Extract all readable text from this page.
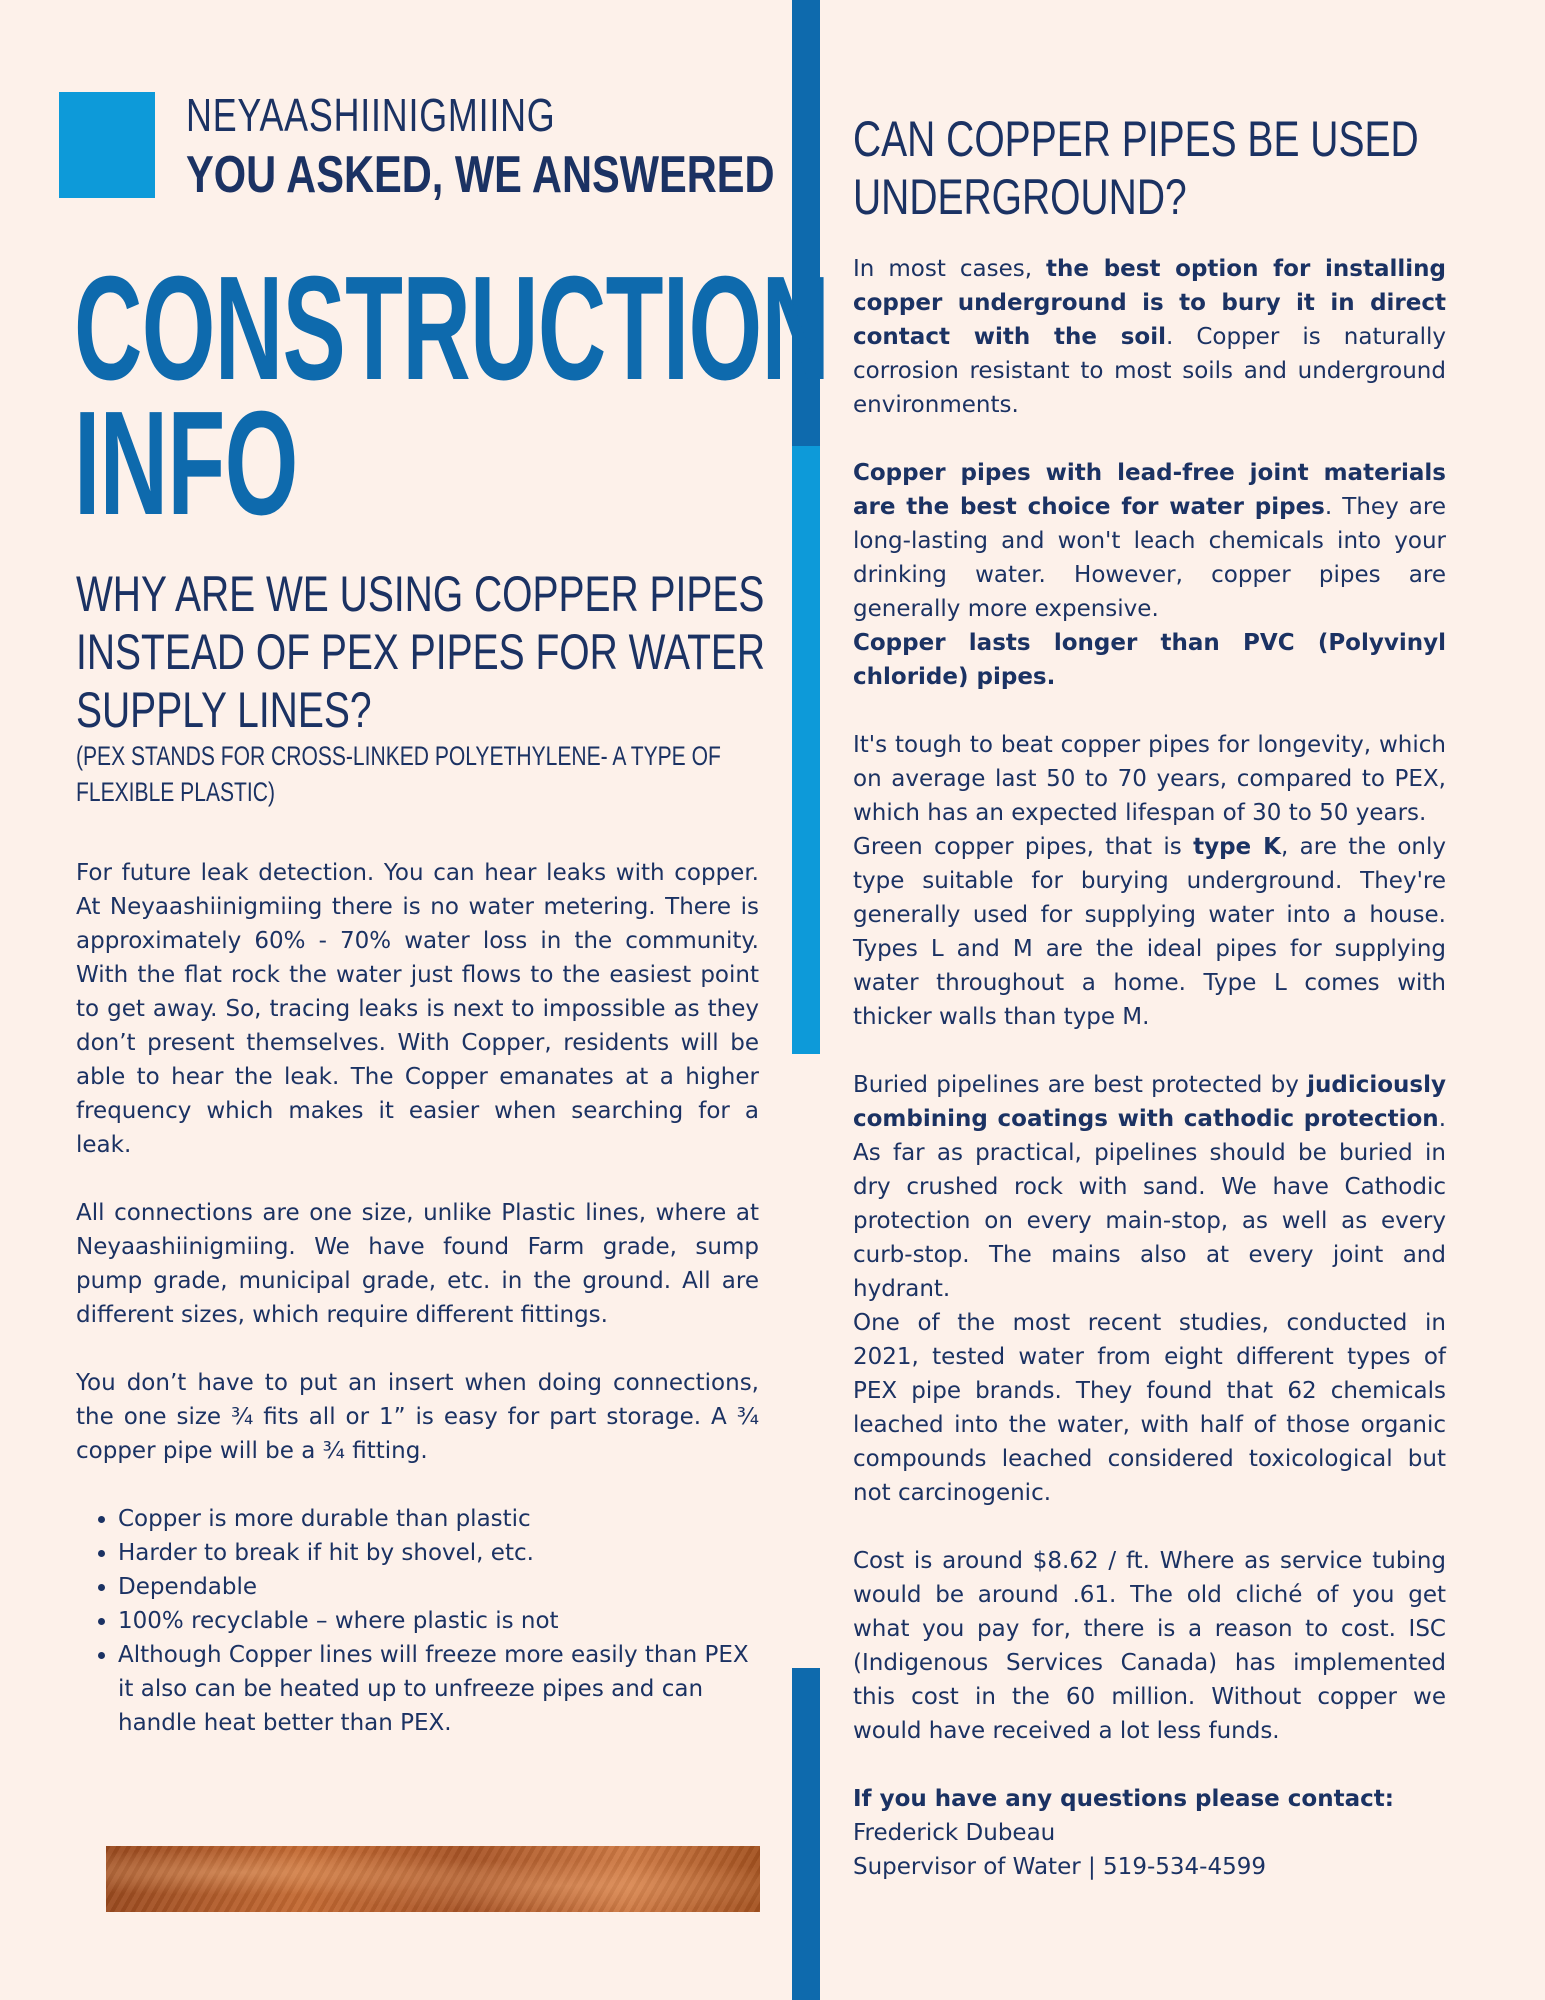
NEYAASHIINIGMIING
YOU ASKED, WE ANSWERED
CONSTRUCTION
INFO
WHY ARE WE USING COPPER PIPES
INSTEAD OF PEX PIPES FOR WATER
SUPPLY LINES?
(PEX STANDS FOR CROSS-LINKED POLYETHYLENE- A TYPE OF
FLEXIBLE PLASTIC)

For future leak detection. You can hear leaks with copper. At Neyaashiinigmiing there is no water metering. There is approximately 60% - 70% water loss in the community. With the flat rock the water just flows to the easiest point to get away. So, tracing leaks is next to impossible as they don’t present themselves. With Copper, residents will be able to hear the leak. The Copper emanates at a higher frequency which makes it easier when searching for a leak.

All connections are one size, unlike Plastic lines, where at Neyaashiinigmiing. We have found Farm grade, sump pump grade, municipal grade, etc. in the ground. All are different sizes, which require different fittings.

You don’t have to put an insert when doing connections, the one size ¾ fits all or 1” is easy for part storage. A ¾ copper pipe will be a ¾ fitting.

• Copper is more durable than plastic
• Harder to break if hit by shovel, etc.
• Dependable
• 100% recyclable – where plastic is not
• Although Copper lines will freeze more easily than PEX it also can be heated up to unfreeze pipes and can handle heat better than PEX.
CAN COPPER PIPES BE USED
UNDERGROUND?

In most cases, the best option for installing copper underground is to bury it in direct contact with the soil. Copper is naturally corrosion resistant to most soils and underground environments.

Copper pipes with lead-free joint materials are the best choice for water pipes. They are long-lasting and won't leach chemicals into your drinking water. However, copper pipes are generally more expensive.

Copper lasts longer than PVC (Polyvinyl chloride) pipes.

It's tough to beat copper pipes for longevity, which on average last 50 to 70 years, compared to PEX, which has an expected lifespan of 30 to 50 years.

Green copper pipes, that is type K, are the only type suitable for burying underground. They're generally used for supplying water into a house. Types L and M are the ideal pipes for supplying water throughout a home. Type L comes with thicker walls than type M.

Buried pipelines are best protected by judiciously combining coatings with cathodic protection. As far as practical, pipelines should be buried in dry crushed rock with sand. We have Cathodic protection on every main-stop, as well as every curb-stop. The mains also at every joint and hydrant.

One of the most recent studies, conducted in 2021, tested water from eight different types of PEX pipe brands. They found that 62 chemicals leached into the water, with half of those organic compounds leached considered toxicological but not carcinogenic.

Cost is around $8.62 / ft. Where as service tubing would be around .61. The old cliché of you get what you pay for, there is a reason to cost. ISC (Indigenous Services Canada) has implemented this cost in the 60 million. Without copper we would have received a lot less funds.

If you have any questions please contact:

Frederick Dubeau

Supervisor of Water | 519-534-4599
